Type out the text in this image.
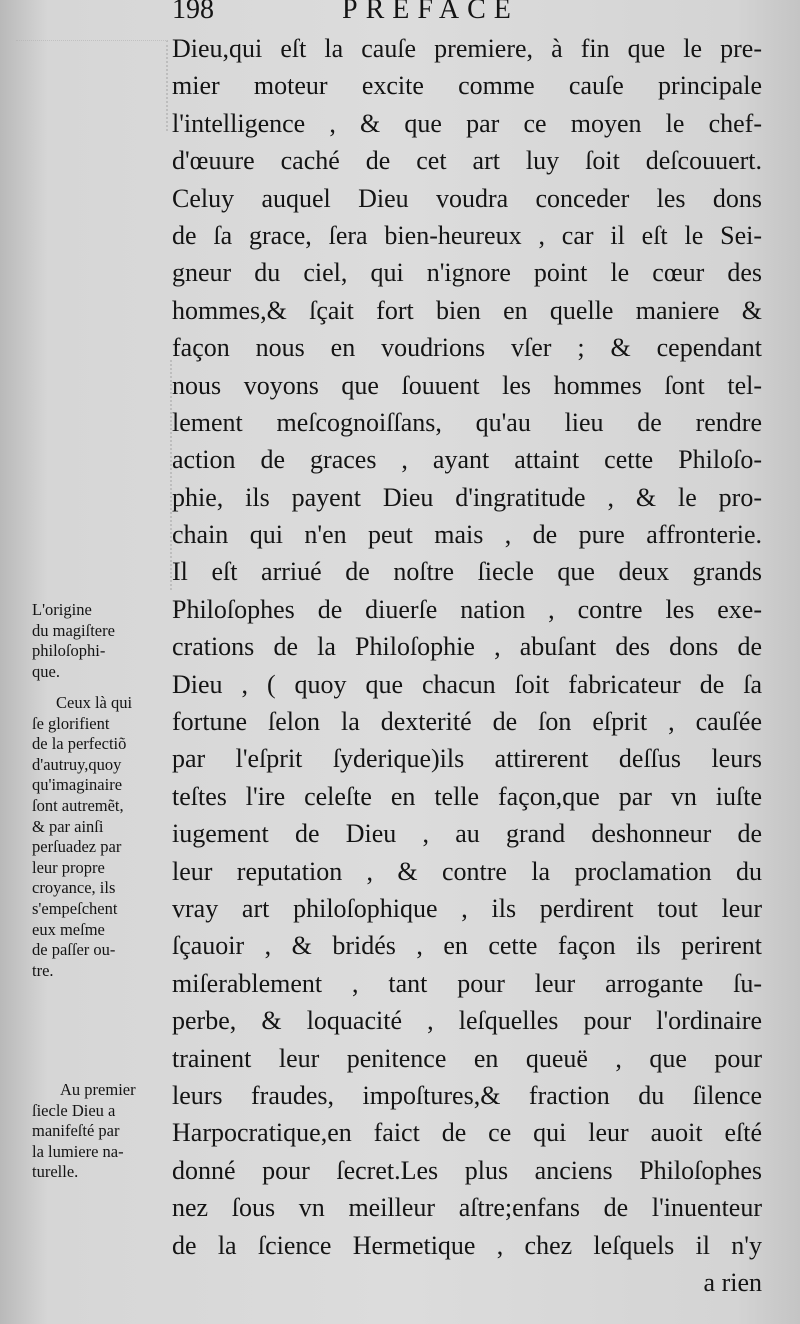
198	PREFACE
Dieu,qui eſt la cauſe premiere, à fin que le pre-
mier moteur excite comme cauſe principale
l'intelligence , & que par ce moyen le chef-
d'œuure caché de cet art luy ſoit deſcouuert.
Celuy auquel Dieu voudra conceder les dons
de ſa grace, ſera bien-heureux , car il eſt le Sei-
gneur du ciel, qui n'ignore point le cœur des
hommes,& ſçait fort bien en quelle maniere &
façon nous en voudrions vſer ; & cependant
nous voyons que ſouuent les hommes ſont tel-
lement meſcognoiſſans, qu'au lieu de rendre
action de graces , ayant attaint cette Philoſo-
phie, ils payent Dieu d'ingratitude , & le pro-
chain qui n'en peut mais , de pure affronterie.
Il eſt arriué de noſtre ſiecle que deux grands
Philoſophes de diuerſe nation , contre les exe-
crations de la Philoſophie , abuſant des dons de
Dieu , ( quoy que chacun ſoit fabricateur de ſa
fortune ſelon la dexterité de ſon eſprit , cauſée
par l'eſprit ſyderique)ils attirerent deſſus leurs
teſtes l'ire celeſte en telle façon,que par vn iuſte
iugement de Dieu , au grand deshonneur de
leur reputation , & contre la proclamation du
vray art philoſophique , ils perdirent tout leur
ſçauoir , & bridés , en cette façon ils perirent
miſerablement , tant pour leur arrogante ſu-
perbe, & loquacité , leſquelles pour l'ordinaire
trainent leur penitence en queuë , que pour
leurs fraudes, impoſtures,& fraction du ſilence
Harpocratique,en faict de ce qui leur auoit eſté
donné pour ſecret.Les plus anciens Philoſophes
nez ſous vn meilleur aſtre;enfans de l'inuenteur
de la ſcience Hermetique , chez leſquels il n'y
a rien
L'origine
du magiſtere
philoſophi-
que.
Ceux là qui
ſe glorifient
de la perfectiõ
d'autruy,quoy
qu'imaginaire
ſont autremẽt,
& par ainſi
perſuadez par
leur propre
croyance, ils
s'empeſchent
eux meſme
de paſſer ou-
tre.
Au premier
ſiecle Dieu a
manifeſté par
la lumiere na-
turelle.
